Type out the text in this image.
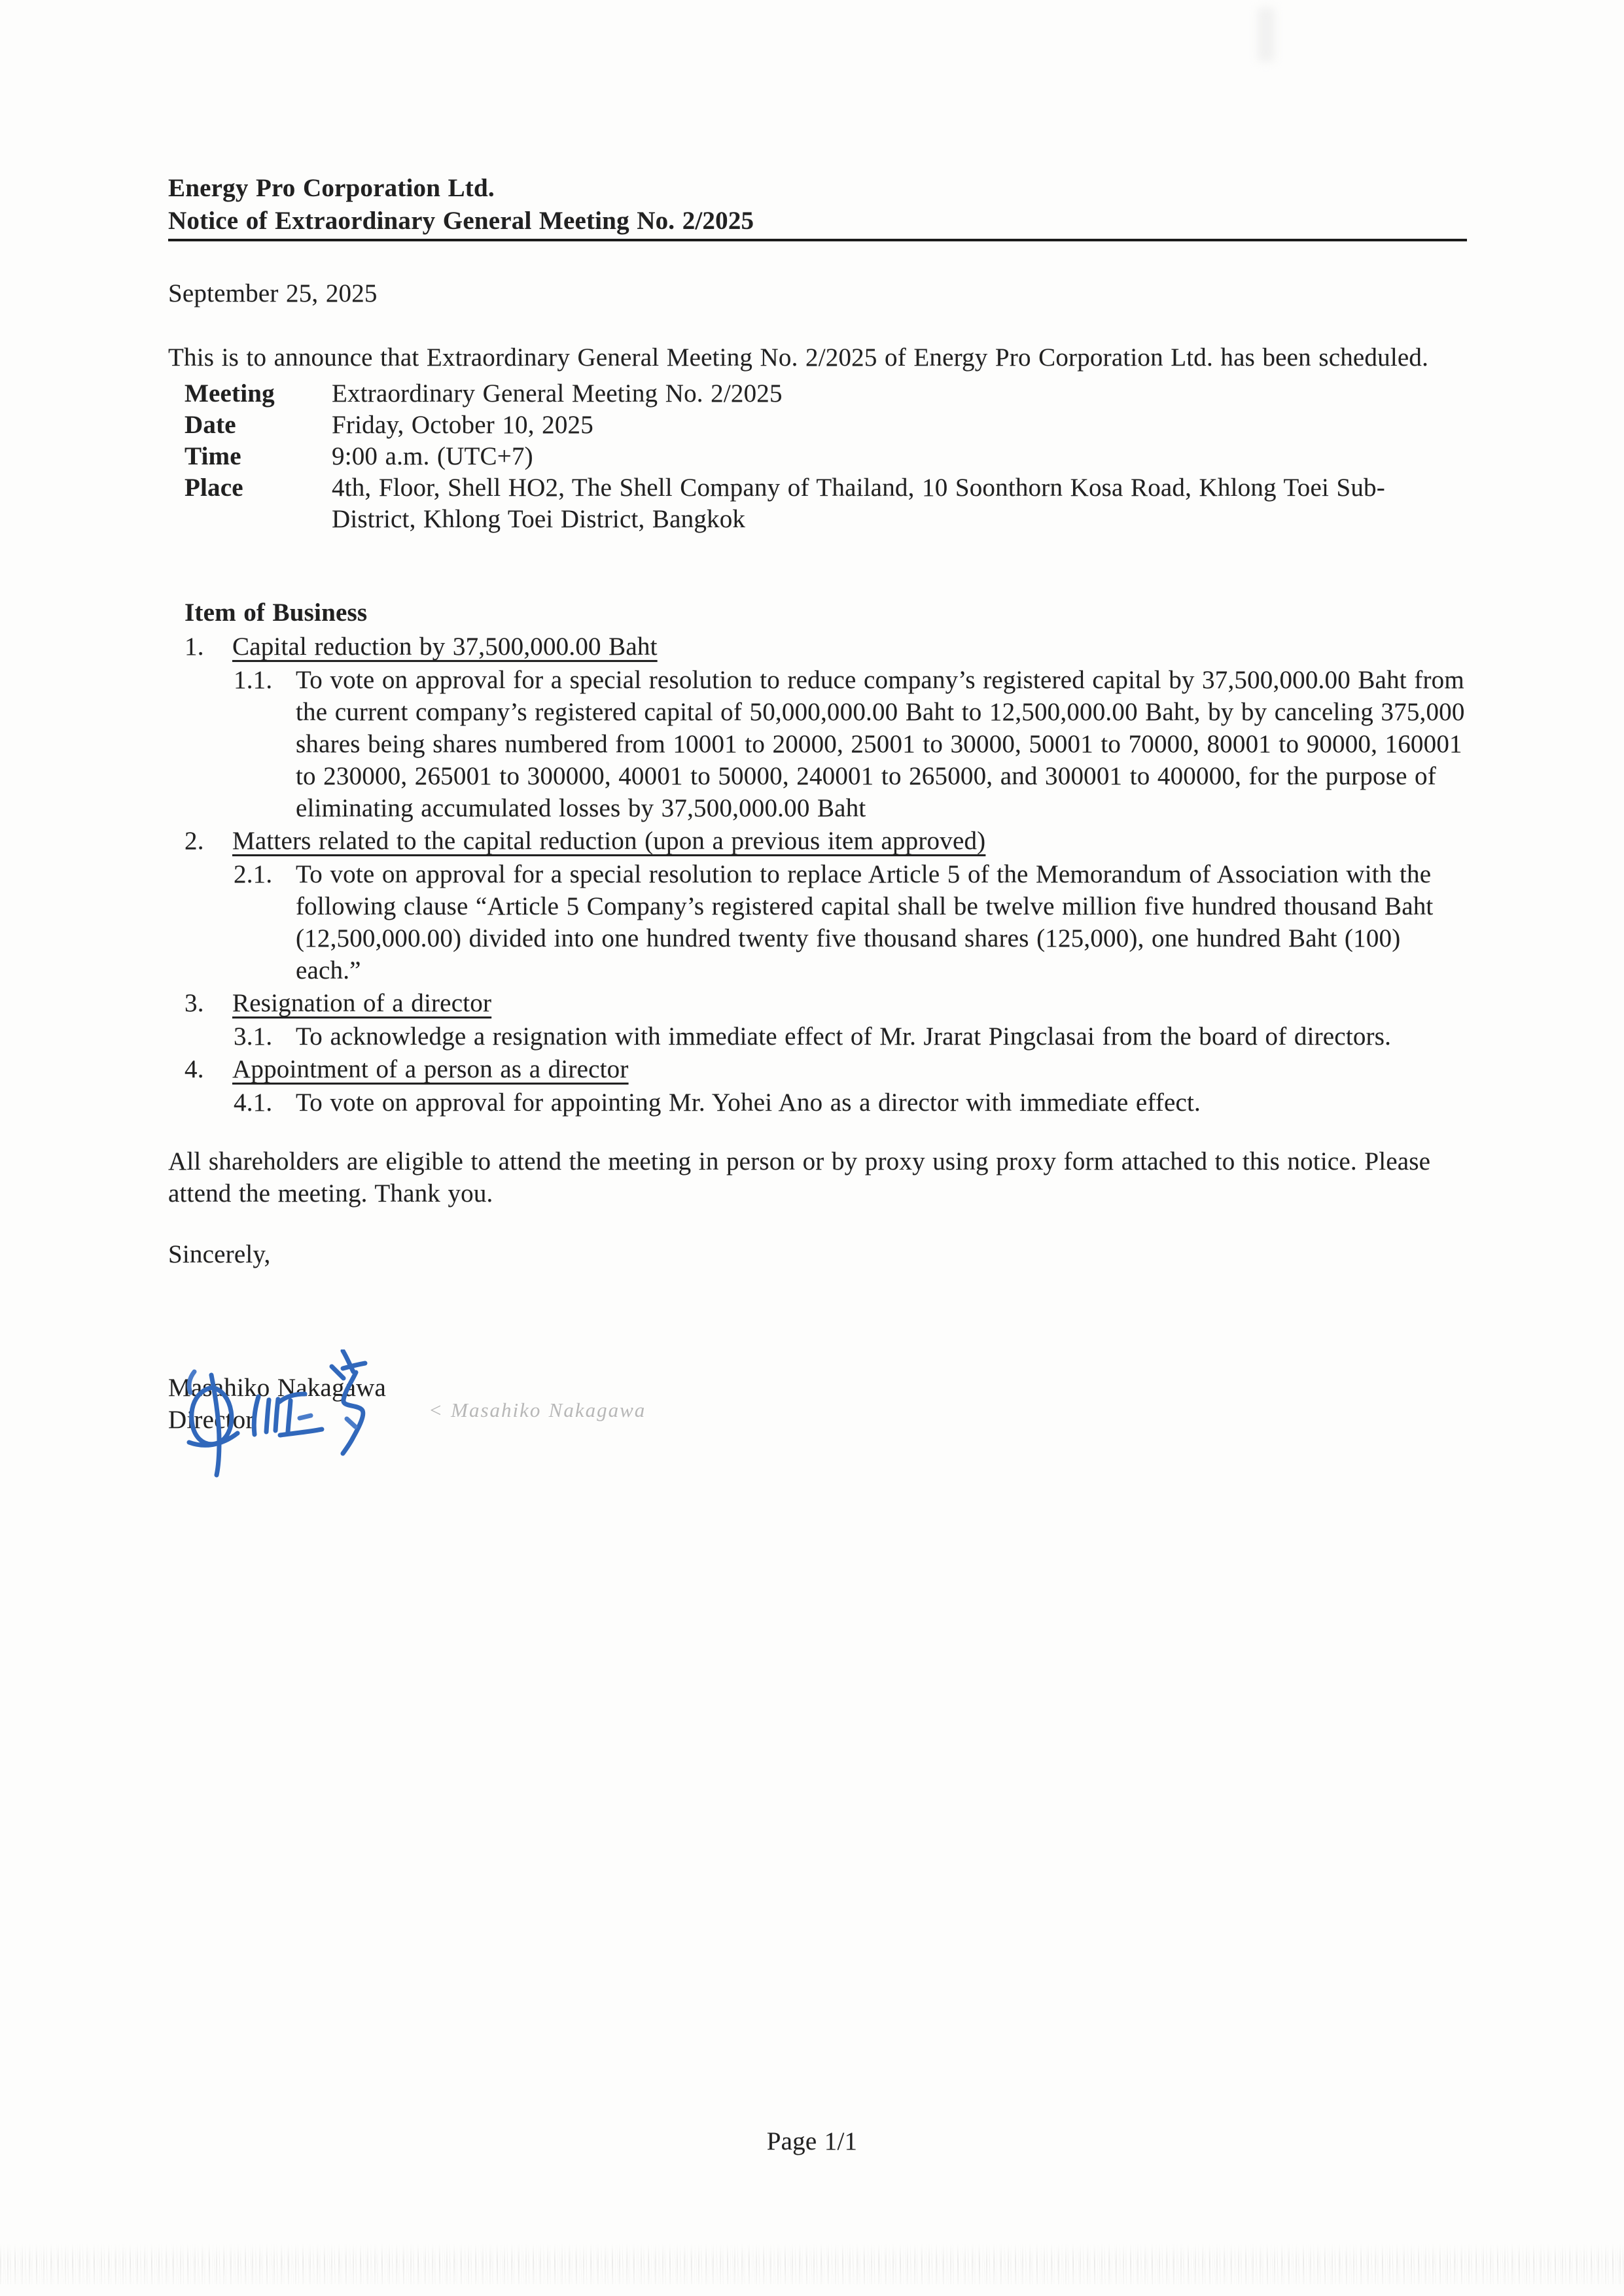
Energy Pro Corporation Ltd.
Notice of Extraordinary General Meeting No. 2/2025
September 25, 2025
This is to announce that Extraordinary General Meeting No. 2/2025 of Energy Pro Corporation Ltd. has been scheduled.
Meeting	Extraordinary General Meeting No. 2/2025
Date	Friday, October 10, 2025
Time	9:00 a.m. (UTC+7)
Place	4th, Floor, Shell HO2, The Shell Company of Thailand, 10 Soonthorn Kosa Road, Khlong Toei Sub-District, Khlong Toei District, Bangkok
Item of Business
1.	Capital reduction by 37,500,000.00 Baht
1.1. To vote on approval for a special resolution to reduce company’s registered capital by 37,500,000.00 Baht from the current company’s registered capital of 50,000,000.00 Baht to 12,500,000.00 Baht, by by canceling 375,000 shares being shares numbered from 10001 to 20000, 25001 to 30000, 50001 to 70000, 80001 to 90000, 160001 to 230000, 265001 to 300000, 40001 to 50000, 240001 to 265000, and 300001 to 400000, for the purpose of eliminating accumulated losses by 37,500,000.00 Baht
2.	Matters related to the capital reduction (upon a previous item approved)
2.1. To vote on approval for a special resolution to replace Article 5 of the Memorandum of Association with the following clause “Article 5 Company’s registered capital shall be twelve million five hundred thousand Baht (12,500,000.00) divided into one hundred twenty five thousand shares (125,000), one hundred Baht (100) each.”
3.	Resignation of a director
3.1. To acknowledge a resignation with immediate effect of Mr. Jrarat Pingclasai from the board of directors.
4.	Appointment of a person as a director
4.1. To vote on approval for appointing Mr. Yohei Ano as a director with immediate effect.
All shareholders are eligible to attend the meeting in person or by proxy using proxy form attached to this notice. Please attend the meeting. Thank you.
Sincerely,
Masahiko Nakagawa
Director	< Masahiko Nakagawa
Page 1/1
